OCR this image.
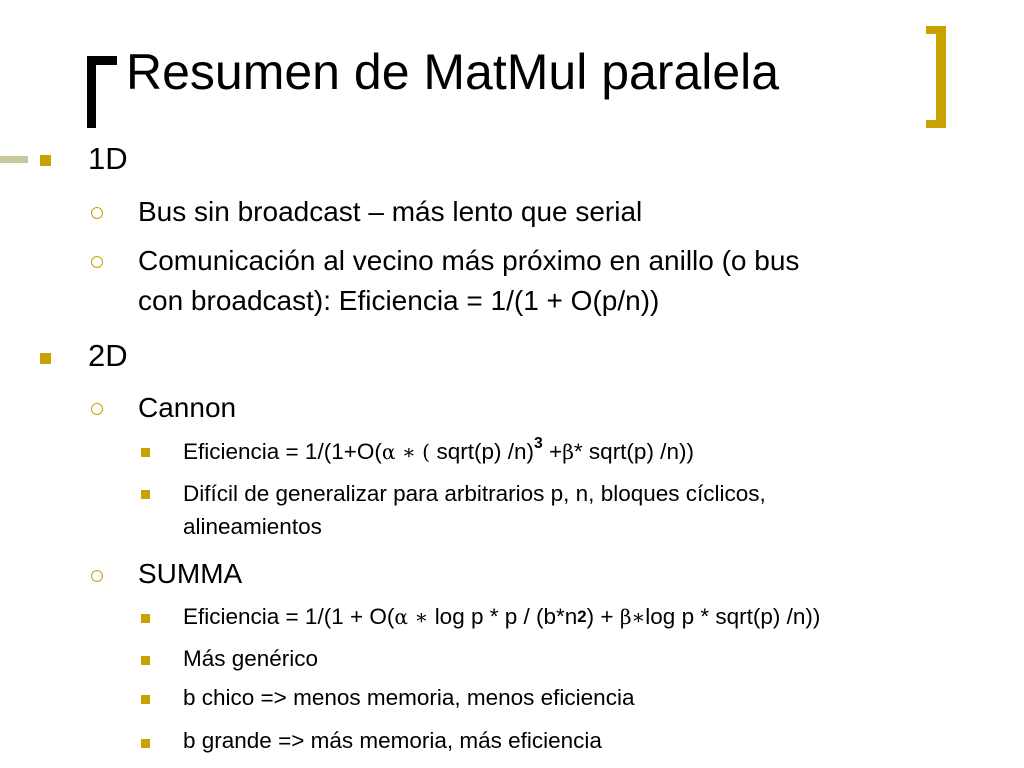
Resumen de MatMul paralela
1D
Bus sin broadcast – más lento que serial
Comunicación al vecino más próximo en anillo (o bus
con broadcast): Eficiencia = 1/(1 + O(p/n))
2D
Cannon
Eficiencia = 1/(1+O(α ∗ ( sqrt(p) /n)$^3$ +β* sqrt(p) /n))
Difícil de generalizar para arbitrarios p, n, bloques cíclicos,
alineamientos
SUMMA
Eficiencia = 1/(1 + O(α ∗ log p * p / $(b*n^2)$ + β∗log p * sqrt(p) /n))
Más genérico
b chico => menos memoria, menos eficiencia
b grande => más memoria, más eficiencia
